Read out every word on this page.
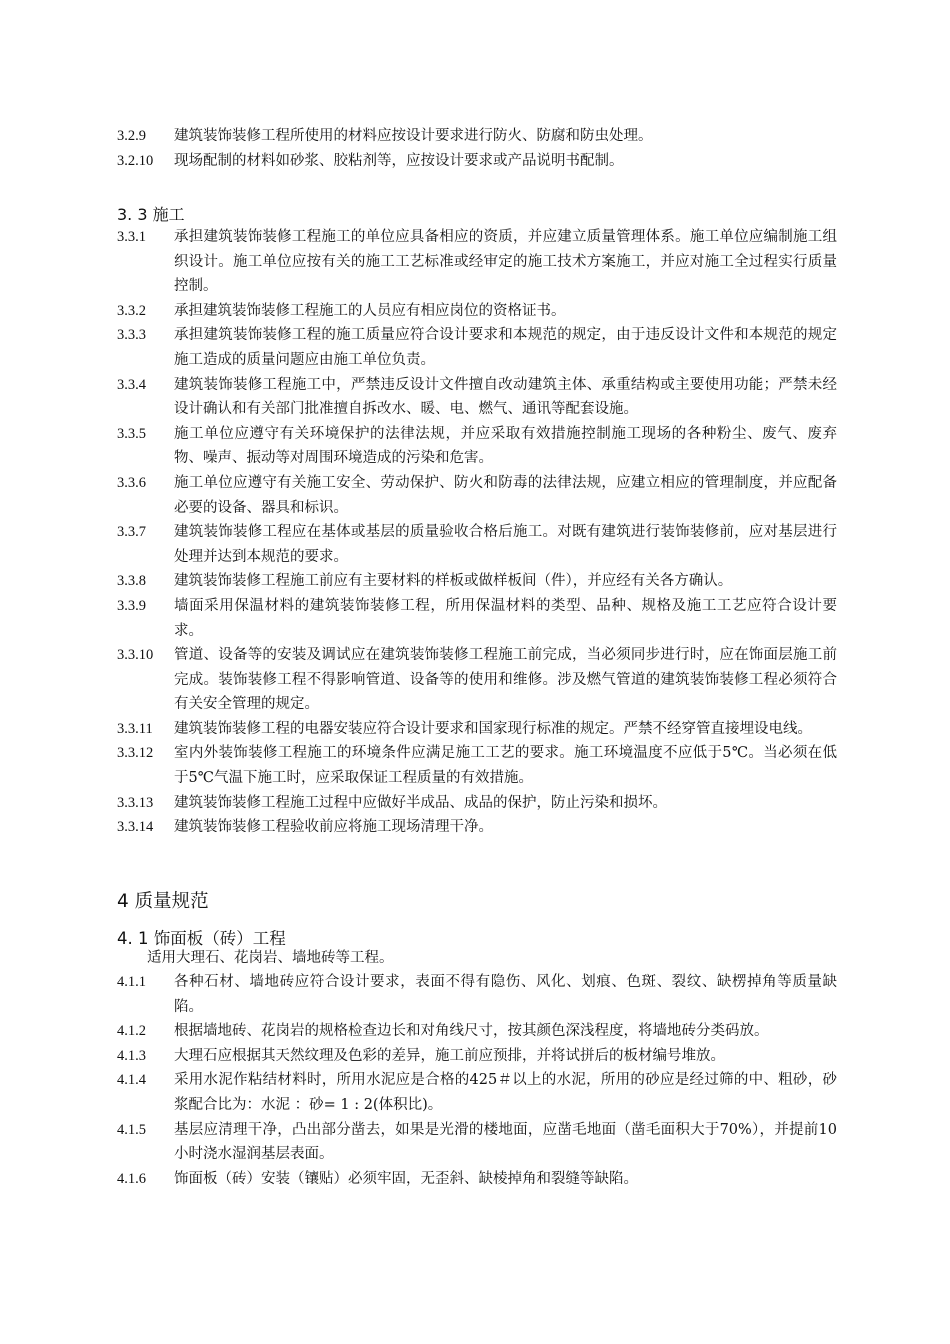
3.2.9	建筑装饰装修工程所使用的材料应按设计要求进行防火、防腐和防虫处理。
3.2.10	现场配制的材料如砂浆、胶粘剂等，应按设计要求或产品说明书配制。
3. 3 施工
3.3.1	承担建筑装饰装修工程施工的单位应具备相应的资质，并应建立质量管理体系。施工单位应编制施工组织设计。施工单位应按有关的施工工艺标准或经审定的施工技术方案施工，并应对施工全过程实行质量控制。
3.3.2	承担建筑装饰装修工程施工的人员应有相应岗位的资格证书。
3.3.3	承担建筑装饰装修工程的施工质量应符合设计要求和本规范的规定，由于违反设计文件和本规范的规定施工造成的质量问题应由施工单位负责。
3.3.4	建筑装饰装修工程施工中，严禁违反设计文件擅自改动建筑主体、承重结构或主要使用功能；严禁未经设计确认和有关部门批准擅自拆改水、暖、电、燃气、通讯等配套设施。
3.3.5	施工单位应遵守有关环境保护的法律法规，并应采取有效措施控制施工现场的各种粉尘、废气、废弃物、噪声、振动等对周围环境造成的污染和危害。
3.3.6	施工单位应遵守有关施工安全、劳动保护、防火和防毒的法律法规，应建立相应的管理制度，并应配备必要的设备、器具和标识。
3.3.7	建筑装饰装修工程应在基体或基层的质量验收合格后施工。对既有建筑进行装饰装修前，应对基层进行处理并达到本规范的要求。
3.3.8	建筑装饰装修工程施工前应有主要材料的样板或做样板间（件），并应经有关各方确认。
3.3.9	墙面采用保温材料的建筑装饰装修工程，所用保温材料的类型、品种、规格及施工工艺应符合设计要求。
3.3.10	管道、设备等的安装及调试应在建筑装饰装修工程施工前完成，当必须同步进行时，应在饰面层施工前完成。装饰装修工程不得影响管道、设备等的使用和维修。涉及燃气管道的建筑装饰装修工程必须符合有关安全管理的规定。
3.3.11	建筑装饰装修工程的电器安装应符合设计要求和国家现行标准的规定。严禁不经穿管直接埋设电线。
3.3.12	室内外装饰装修工程施工的环境条件应满足施工工艺的要求。施工环境温度不应低于5℃。当必须在低于5℃气温下施工时，应采取保证工程质量的有效措施。
3.3.13	建筑装饰装修工程施工过程中应做好半成品、成品的保护，防止污染和损坏。
3.3.14	建筑装饰装修工程验收前应将施工现场清理干净。
4 质量规范
4. 1 饰面板（砖）工程
适用大理石、花岗岩、墙地砖等工程。
4.1.1	各种石材、墙地砖应符合设计要求，表面不得有隐伤、风化、划痕、色斑、裂纹、缺楞掉角等质量缺陷。
4.1.2	根据墙地砖、花岗岩的规格检查边长和对角线尺寸，按其颜色深浅程度，将墙地砖分类码放。
4.1.3	大理石应根据其天然纹理及色彩的差异，施工前应预排，并将试拼后的板材编号堆放。
4.1.4	采用水泥作粘结材料时，所用水泥应是合格的425＃以上的水泥，所用的砂应是经过筛的中、粗砂，砂浆配合比为：水泥 ：砂= 1 : 2(体积比)。
4.1.5	基层应清理干净，凸出部分凿去，如果是光滑的楼地面，应凿毛地面（凿毛面积大于70%），并提前10小时浇水湿润基层表面。
4.1.6	饰面板（砖）安装（镶贴）必须牢固，无歪斜、缺棱掉角和裂缝等缺陷。
